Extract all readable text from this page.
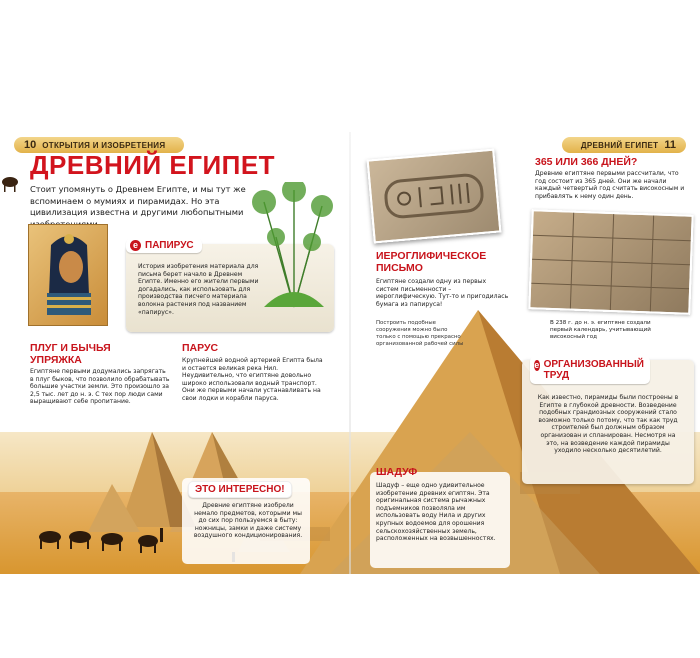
10 ОТКРЫТИЯ И ИЗОБРЕТЕНИЯ	ДРЕВНИЙ ЕГИПЕТ 11
ДРЕВНИЙ ЕГИПЕТ
Стоит упомянуть о Древнем Египте, и мы тут же вспоминаем о мумиях и пирамидах. Но эта цивилизация известна и другими любопытными
e ПАПИРУС
История изобретения материала для письма берет начало в Древнем Египте. Именно его жители первыми догадались, как использовать для производства писчего материала волокна растения под названием «папирус».
ПЛУГ И БЫЧЬЯ УПРЯЖКА
Египтяне первыми додумались запрягать в плуг быков, что позволило обрабатывать большие участки земли. Это произошло за 2,5 тыс. лет до н. э. С тех пор люди сами выращивают себе пропитание.
ПАРУС
Крупнейшей водной артерией Египта была и остается великая река Нил. Неудивительно, что египтяне довольно широко использовали водный транспорт. Они же первыми начали устанавливать на свои лодки и корабли паруса.
ЭТО ИНТЕРЕСНО!
Древние египтяне изобрели немало предметов, которыми мы до сих пор пользуемся в быту: ножницы, замки и даже систему воздушного кондиционирования.
ИЕРОГЛИФИЧЕСКОЕ ПИСЬМО
Египтяне создали одну из первых систем письменности – иероглифическую. Тут-то и пригодилась бумага из папируса!
Построить подобные сооружения можно было только с помощью прекрасно организованной рабочей силы
365 ИЛИ 366 ДНЕЙ?
Древние египтяне первыми рассчитали, что год состоит из 365 дней. Они же начали каждый четвертый год считать високосным и прибавлять к нему один день.
В 238 г. до н. э. египтяне создали первый календарь, учитывающий високосный год
e ОРГАНИЗОВАННЫЙ ТРУД
Как известно, пирамиды были построены в Египте в глубокой древности. Возведение подобных грандиозных сооружений стало возможно только потому, что так как труд строителей был должным образом организован и спланирован. Несмотря на это, на возведение каждой пирамиды уходило несколько десятилетий.
ШАДУФ
Шадуф – еще одно удивительное изобретение древних египтян. Эта оригинальная система рычажных подъемников позволяла им использовать воду Нила и других крупных водоемов для орошения сельскохозяйственных земель, расположенных на возвышенностях.
